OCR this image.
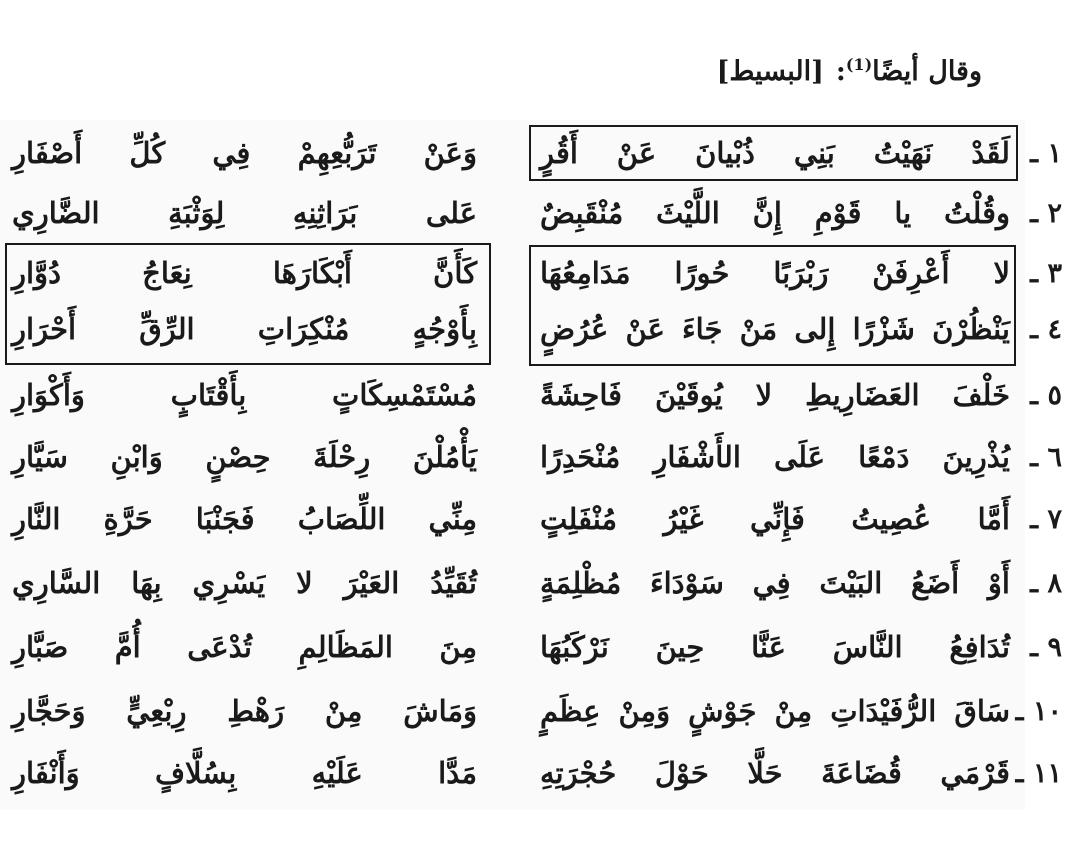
وقال أيضًا$^{(1)}$:[البسيط]
١ ـ
لَقَدْ نَهَيْتُ بَنِي ذُبْيانَ عَنْ أَقُرٍ
وَعَنْ تَرَبُّعِهِمْ فِي كُلِّ أَصْفَارِ
٢ ـ
وقُلْتُ يا قَوْمِ إِنَّ اللَّيْثَ مُنْقَبِضٌ
عَلى بَرَاثِنِهِ لِوَثْبَةِ الضَّارِي
٣ ـ
لا أَعْرِفَنْ رَبْرَبًا حُورًا مَدَامِعُهَا
كَأَنَّ أَبْكَارَهَا نِعَاجُ دُوَّارِ
٤ ـ
يَنْظُرْنَ شَزْرًا إِلى مَنْ جَاءَ عَنْ عُرُضٍ
بِأَوْجُهٍ مُنْكِرَاتِ الرِّقِّ أَحْرَارِ
٥ ـ
خَلْفَ العَضَارِيطِ لا يُوقَيْنَ فَاحِشَةً
مُسْتَمْسِكَاتٍ بِأَقْتَابٍ وَأَكْوَارِ
٦ ـ
يُذْرِينَ دَمْعًا عَلَى الأَشْفَارِ مُنْحَدِرًا
يَأْمُلْنَ رِحْلَةَ حِصْنٍ وَابْنِ سَيَّارِ
٧ ـ
أَمَّا عُصِيتُ فَإِنِّي غَيْرُ مُنْفَلِتٍ
مِنِّي اللِّصَابُ فَجَنْبَا حَرَّةِ النَّارِ
٨ ـ
أَوْ أَضَعُ البَيْتَ فِي سَوْدَاءَ مُظْلِمَةٍ
تُقَيِّدُ العَيْرَ لا يَسْرِي بِهَا السَّارِي
٩ ـ
تُدَافِعُ النَّاسَ عَنَّا حِينَ نَرْكَبُهَا
مِنَ المَظَالِمِ تُدْعَى أُمَّ صَبَّارِ
١٠ ـ
سَاقَ الرُّفَيْدَاتِ مِنْ جَوْشٍ وَمِنْ عِظَمٍ
وَمَاشَ مِنْ رَهْطِ رِبْعِيٍّ وَحَجَّارِ
١١ ـ
قَرْمَي قُضَاعَةَ حَلَّا حَوْلَ حُجْرَتِهِ
مَدَّا عَلَيْهِ بِسُلَّافٍ وَأَنْفَارِ
